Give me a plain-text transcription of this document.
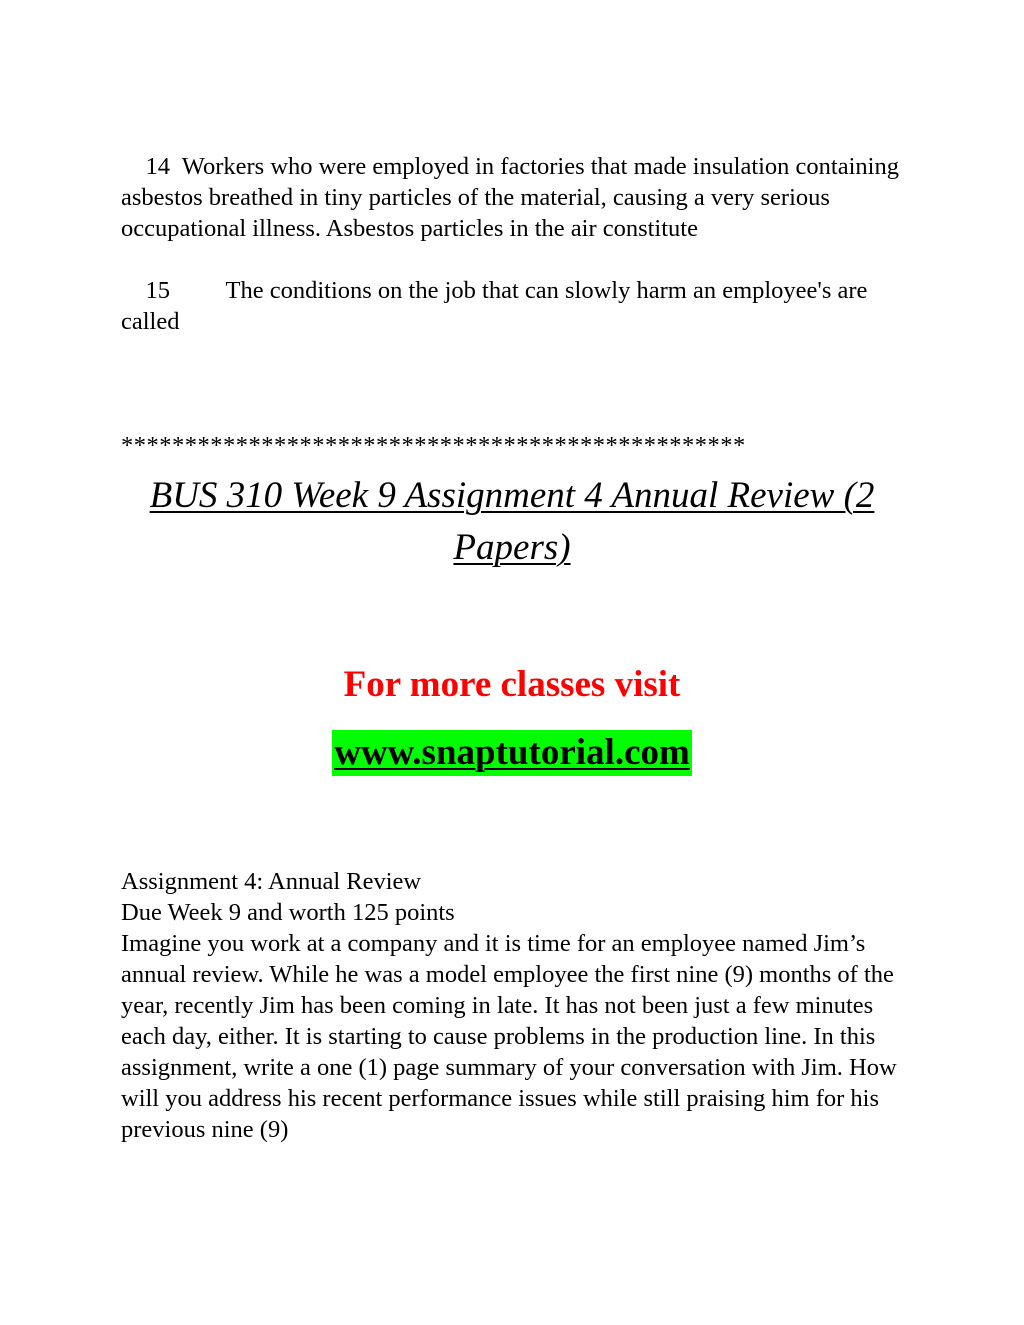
14  Workers who were employed in factories that made insulation containing asbestos breathed in tiny particles of the material, causing a very serious occupational illness. Asbestos particles in the air constitute

15 The conditions on the job that can slowly harm an employee's are called

*************************************************
BUS 310 Week 9 Assignment 4 Annual Review (2
Papers)
For more classes visit
www.snaptutorial.com
Assignment 4: Annual Review
Due Week 9 and worth 125 points
Imagine you work at a company and it is time for an employee named Jim’s annual review. While he was a model employee the first nine (9) months of the year, recently Jim has been coming in late. It has not been just a few minutes each day, either. It is starting to cause problems in the production line. In this assignment, write a one (1) page summary of your conversation with Jim. How will you address his recent performance issues while still praising him for his previous nine (9)
